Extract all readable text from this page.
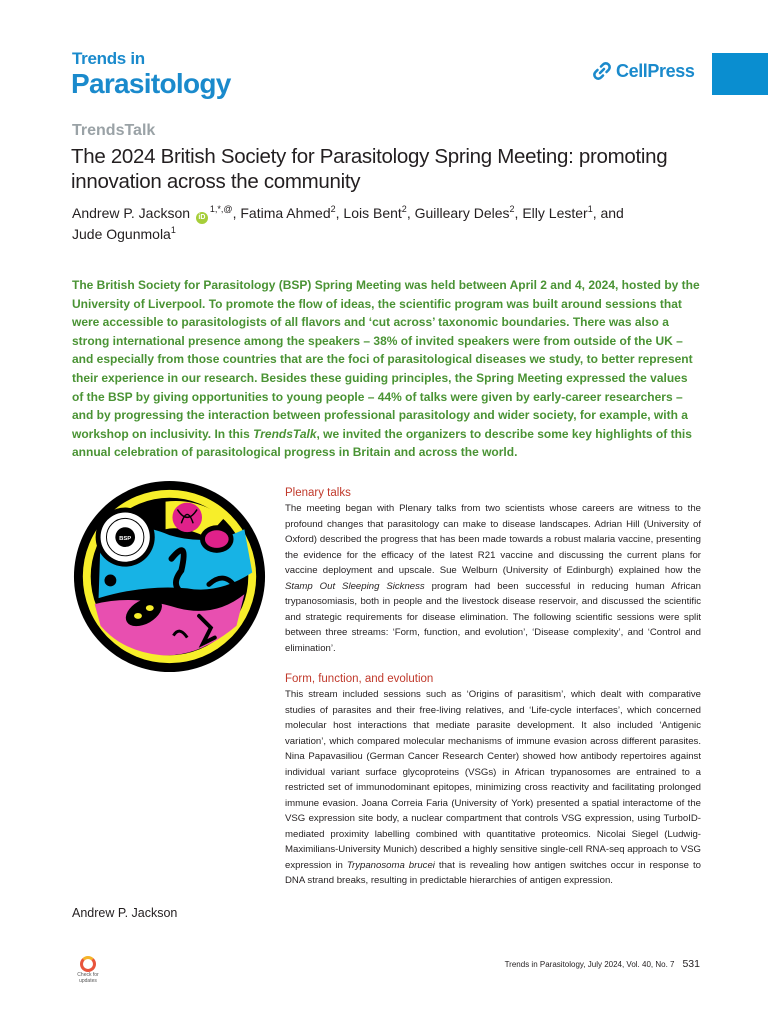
Trends in
Parasitology	CellPress
TrendsTalk
The 2024 British Society for Parasitology Spring Meeting: promoting innovation across the community
Andrew P. Jackson $iD^{1,*,@}$, Fatima Ahmed$^2$, Lois Bent$^2$, Guilleary Deles$^2$, Elly Lester$^1$, and
Jude Ogunmola$^1$
The British Society for Parasitology (BSP) Spring Meeting was held between April 2 and 4, 2024, hosted by the University of Liverpool. To promote the flow of ideas, the scientific program was built around sessions that were accessible to parasitologists of all flavors and ‘cut across’ taxonomic boundaries. There was also a strong international presence among the speakers – 38% of invited speakers were from outside of the UK – and especially from those countries that are the foci of parasitological diseases we study, to better represent their experience in our research. Besides these guiding principles, the Spring Meeting expressed the values of the BSP by giving opportunities to young people – 44% of talks were given by early-career researchers – and by progressing the interaction between professional parasitology and wider society, for example, with a workshop on inclusivity. In this TrendsTalk, we invited the organizers to describe some key highlights of this annual celebration of parasitological progress in Britain and across the world.
BSP
Andrew P. Jackson
Plenary talks

The meeting began with Plenary talks from two scientists whose careers are witness to the profound changes that parasitology can make to disease landscapes. Adrian Hill (University of Oxford) described the progress that has been made towards a robust malaria vaccine, presenting the evidence for the efficacy of the latest R21 vaccine and discussing the current plans for vaccine deployment and upscale. Sue Welburn (University of Edinburgh) explained how the Stamp Out Sleeping Sickness program had been successful in reducing human African trypanosomiasis, both in people and the livestock disease reservoir, and discussed the scientific and strategic requirements for disease elimination. The following scientific sessions were split between three streams: ‘Form, function, and evolution’, ‘Disease complexity’, and ‘Control and elimination’.

Form, function, and evolution

This stream included sessions such as ‘Origins of parasitism’, which dealt with comparative studies of parasites and their free-living relatives, and ‘Life-cycle interfaces’, which concerned molecular host interactions that mediate parasite development. It also included ‘Antigenic variation’, which compared molecular mechanisms of immune evasion across different parasites. Nina Papavasiliou (German Cancer Research Center) showed how antibody repertoires against individual variant surface glycoproteins (VSGs) in African trypanosomes are entrained to a restricted set of immunodominant epitopes, minimizing cross reactivity and facilitating prolonged immune evasion. Joana Correia Faria (University of York) presented a spatial interactome of the VSG expression site body, a nuclear compartment that controls VSG expression, using TurboID-mediated proximity labelling combined with quantitative proteomics. Nicolai Siegel (Ludwig-Maximilians-University Munich) described a highly sensitive single-cell RNA-seq approach to VSG expression in Trypanosoma brucei that is revealing how antigen switches occur in response to DNA strand breaks, resulting in predictable hierarchies of antigen expression.

Check for updates
Trends in Parasitology, July 2024, Vol. 40, No. 7 531
